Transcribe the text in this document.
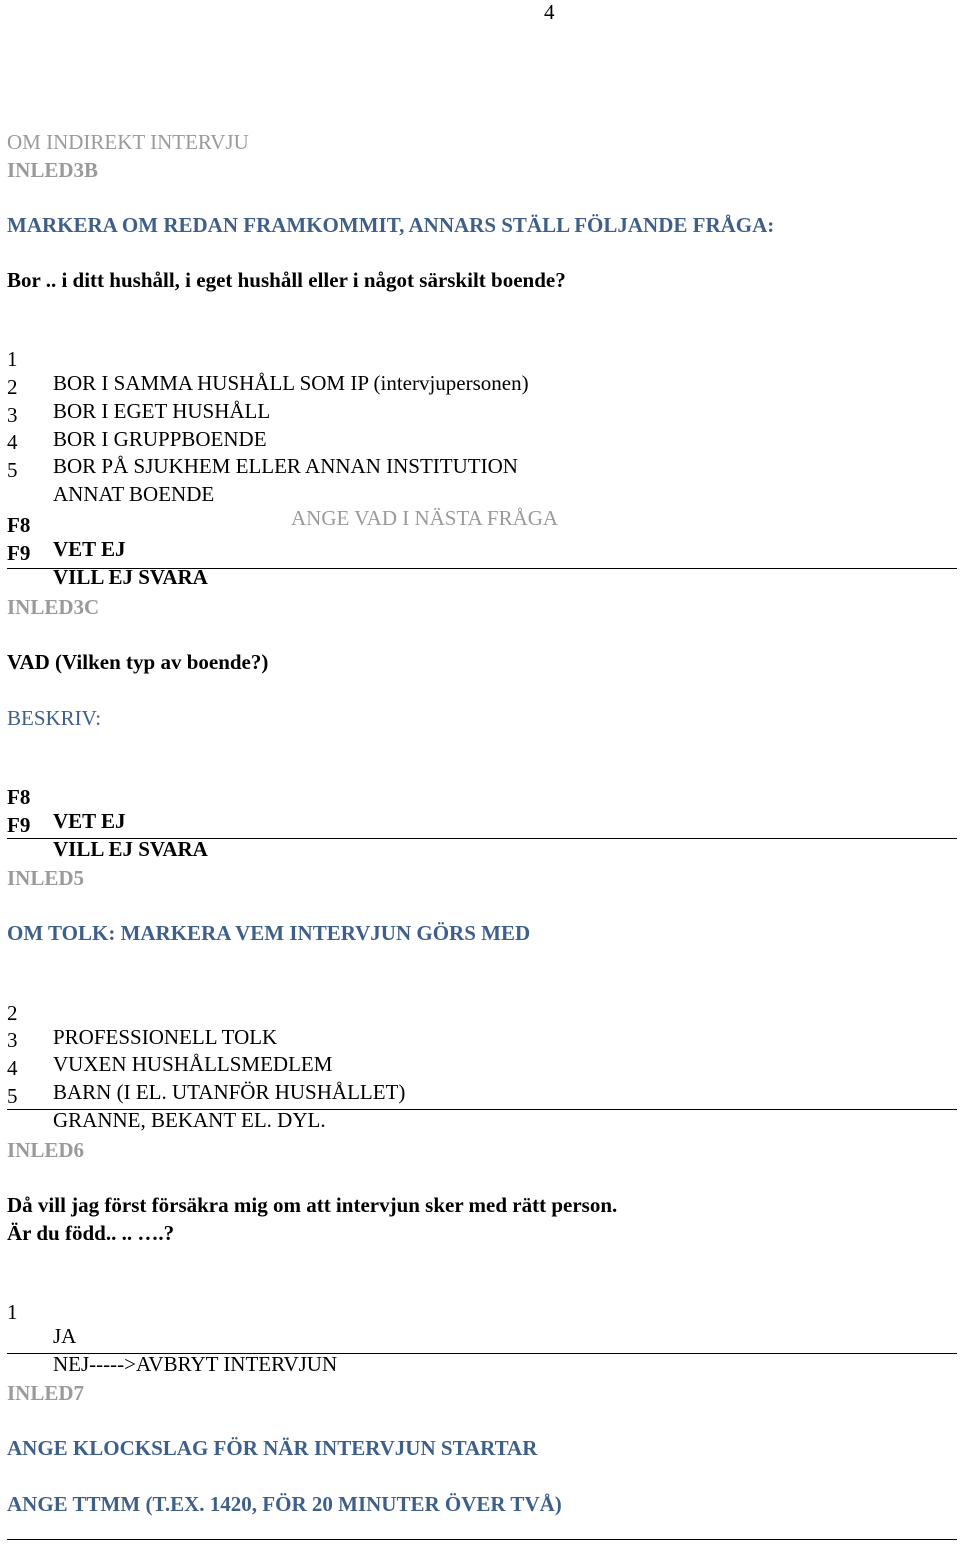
4
OM INDIREKT INTERVJU
INLED3B
MARKERA OM REDAN FRAMKOMMIT, ANNARS STÄLL FÖLJANDE FRÅGA:
Bor .. i ditt hushåll, i eget hushåll eller i något särskilt boende?

1

BOR I SAMMA HUSHÅLL SOM IP (intervjupersonen)

2

BOR I EGET HUSHÅLL

3

BOR I GRUPPBOENDE

4

BOR PÅ SJUKHEM ELLER ANNAN INSTITUTION

5

ANNAT BOENDE

ANGE VAD I NÄSTA FRÅGA

F8

VET EJ

F9

VILL EJ SVARA

INLED3C
VAD (Vilken typ av boende?)
BESKRIV:

F8

VET EJ

F9

VILL EJ SVARA

INLED5
OM TOLK: MARKERA VEM INTERVJUN GÖRS MED

2

PROFESSIONELL TOLK

3

VUXEN HUSHÅLLSMEDLEM

4

BARN (I EL. UTANFÖR HUSHÅLLET)

5

GRANNE, BEKANT EL. DYL.

INLED6
Då vill jag först försäkra mig om att intervjun sker med rätt person.
Är du född.. .. ….?

1

JA

NEJ----->AVBRYT INTERVJUN

INLED7
ANGE KLOCKSLAG FÖR NÄR INTERVJUN STARTAR
ANGE TTMM (T.EX. 1420, FÖR 20 MINUTER ÖVER TVÅ)
